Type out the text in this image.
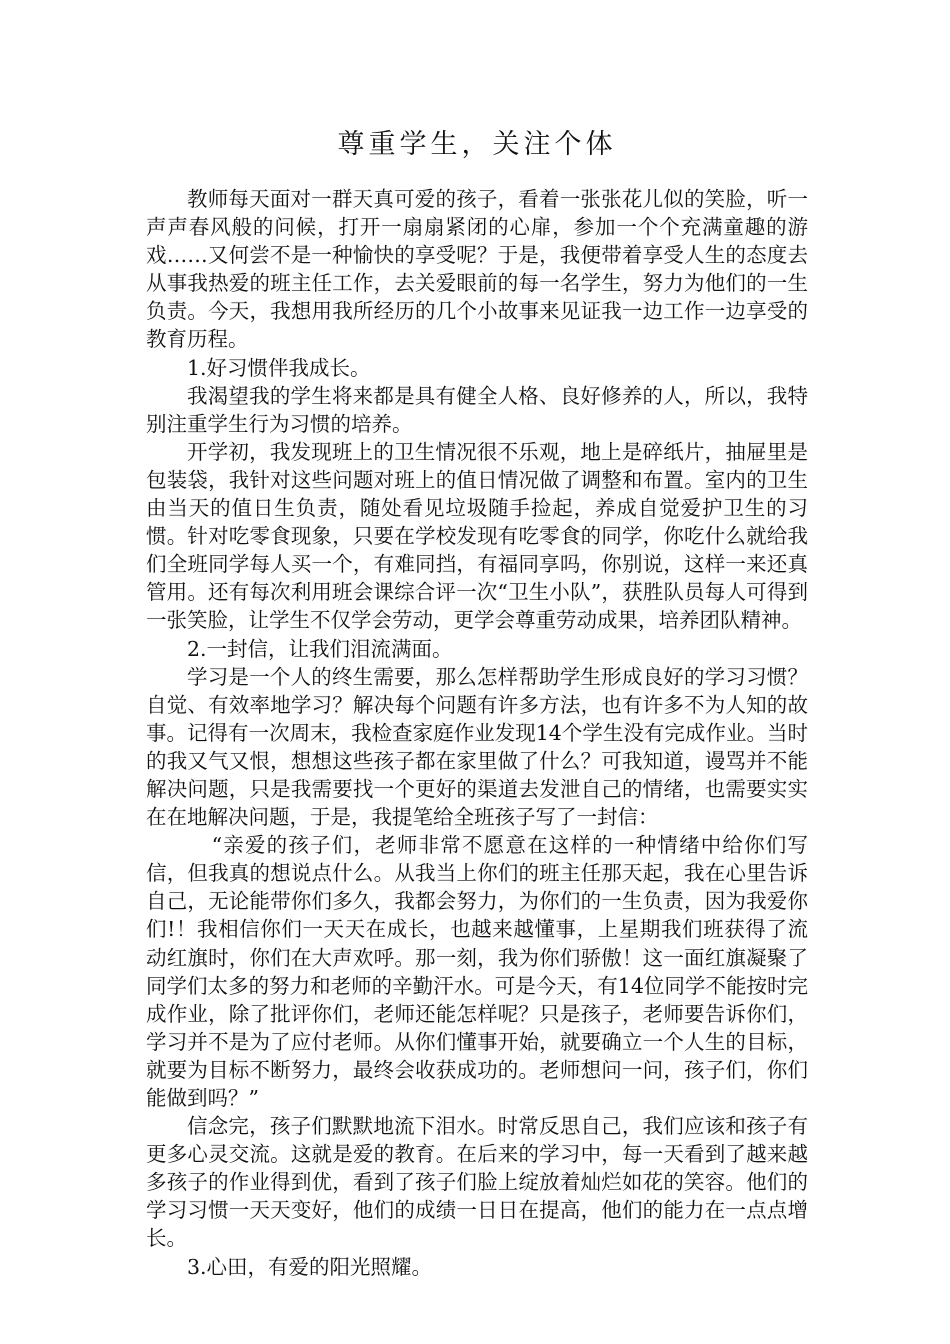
尊重学生，关注个体

教师每天面对一群天真可爱的孩子，看着一张张花儿似的笑脸，听一声声春风般的问候，打开一扇扇紧闭的心扉，参加一个个充满童趣的游戏……又何尝不是一种愉快的享受呢？于是，我便带着享受人生的态度去从事我热爱的班主任工作，去关爱眼前的每一名学生，努力为他们的一生负责。今天，我想用我所经历的几个小故事来见证我一边工作一边享受的教育历程。

1.好习惯伴我成长。

我渴望我的学生将来都是具有健全人格、良好修养的人，所以，我特别注重学生行为习惯的培养。

开学初，我发现班上的卫生情况很不乐观，地上是碎纸片，抽屉里是包装袋，我针对这些问题对班上的值日情况做了调整和布置。室内的卫生由当天的值日生负责，随处看见垃圾随手捡起，养成自觉爱护卫生的习惯。针对吃零食现象，只要在学校发现有吃零食的同学，你吃什么就给我们全班同学每人买一个，有难同挡，有福同享吗，你别说，这样一来还真管用。还有每次利用班会课综合评一次“卫生小队”，获胜队员每人可得到一张笑脸，让学生不仅学会劳动，更学会尊重劳动成果，培养团队精神。

2.一封信，让我们泪流满面。

学习是一个人的终生需要，那么怎样帮助学生形成良好的学习习惯？自觉、有效率地学习？解决每个问题有许多方法，也有许多不为人知的故事。记得有一次周末，我检查家庭作业发现14个学生没有完成作业。当时的我又气又恨，想想这些孩子都在家里做了什么？可我知道，谩骂并不能解决问题，只是我需要找一个更好的渠道去发泄自己的情绪，也需要实实在在地解决问题，于是，我提笔给全班孩子写了一封信：

“亲爱的孩子们，老师非常不愿意在这样的一种情绪中给你们写信，但我真的想说点什么。从我当上你们的班主任那天起，我在心里告诉自己，无论能带你们多久，我都会努力，为你们的一生负责，因为我爱你们!！我相信你们一天天在成长，也越来越懂事，上星期我们班获得了流动红旗时，你们在大声欢呼。那一刻，我为你们骄傲！这一面红旗凝聚了同学们太多的努力和老师的辛勤汗水。可是今天，有14位同学不能按时完成作业，除了批评你们，老师还能怎样呢？只是孩子，老师要告诉你们，学习并不是为了应付老师。从你们懂事开始，就要确立一个人生的目标，就要为目标不断努力，最终会收获成功的。老师想问一问，孩子们，你们能做到吗？”

信念完，孩子们默默地流下泪水。时常反思自己，我们应该和孩子有更多心灵交流。这就是爱的教育。在后来的学习中，每一天看到了越来越多孩子的作业得到优，看到了孩子们脸上绽放着灿烂如花的笑容。他们的学习习惯一天天变好，他们的成绩一日日在提高，他们的能力在一点点增长。

3.心田，有爱的阳光照耀。
